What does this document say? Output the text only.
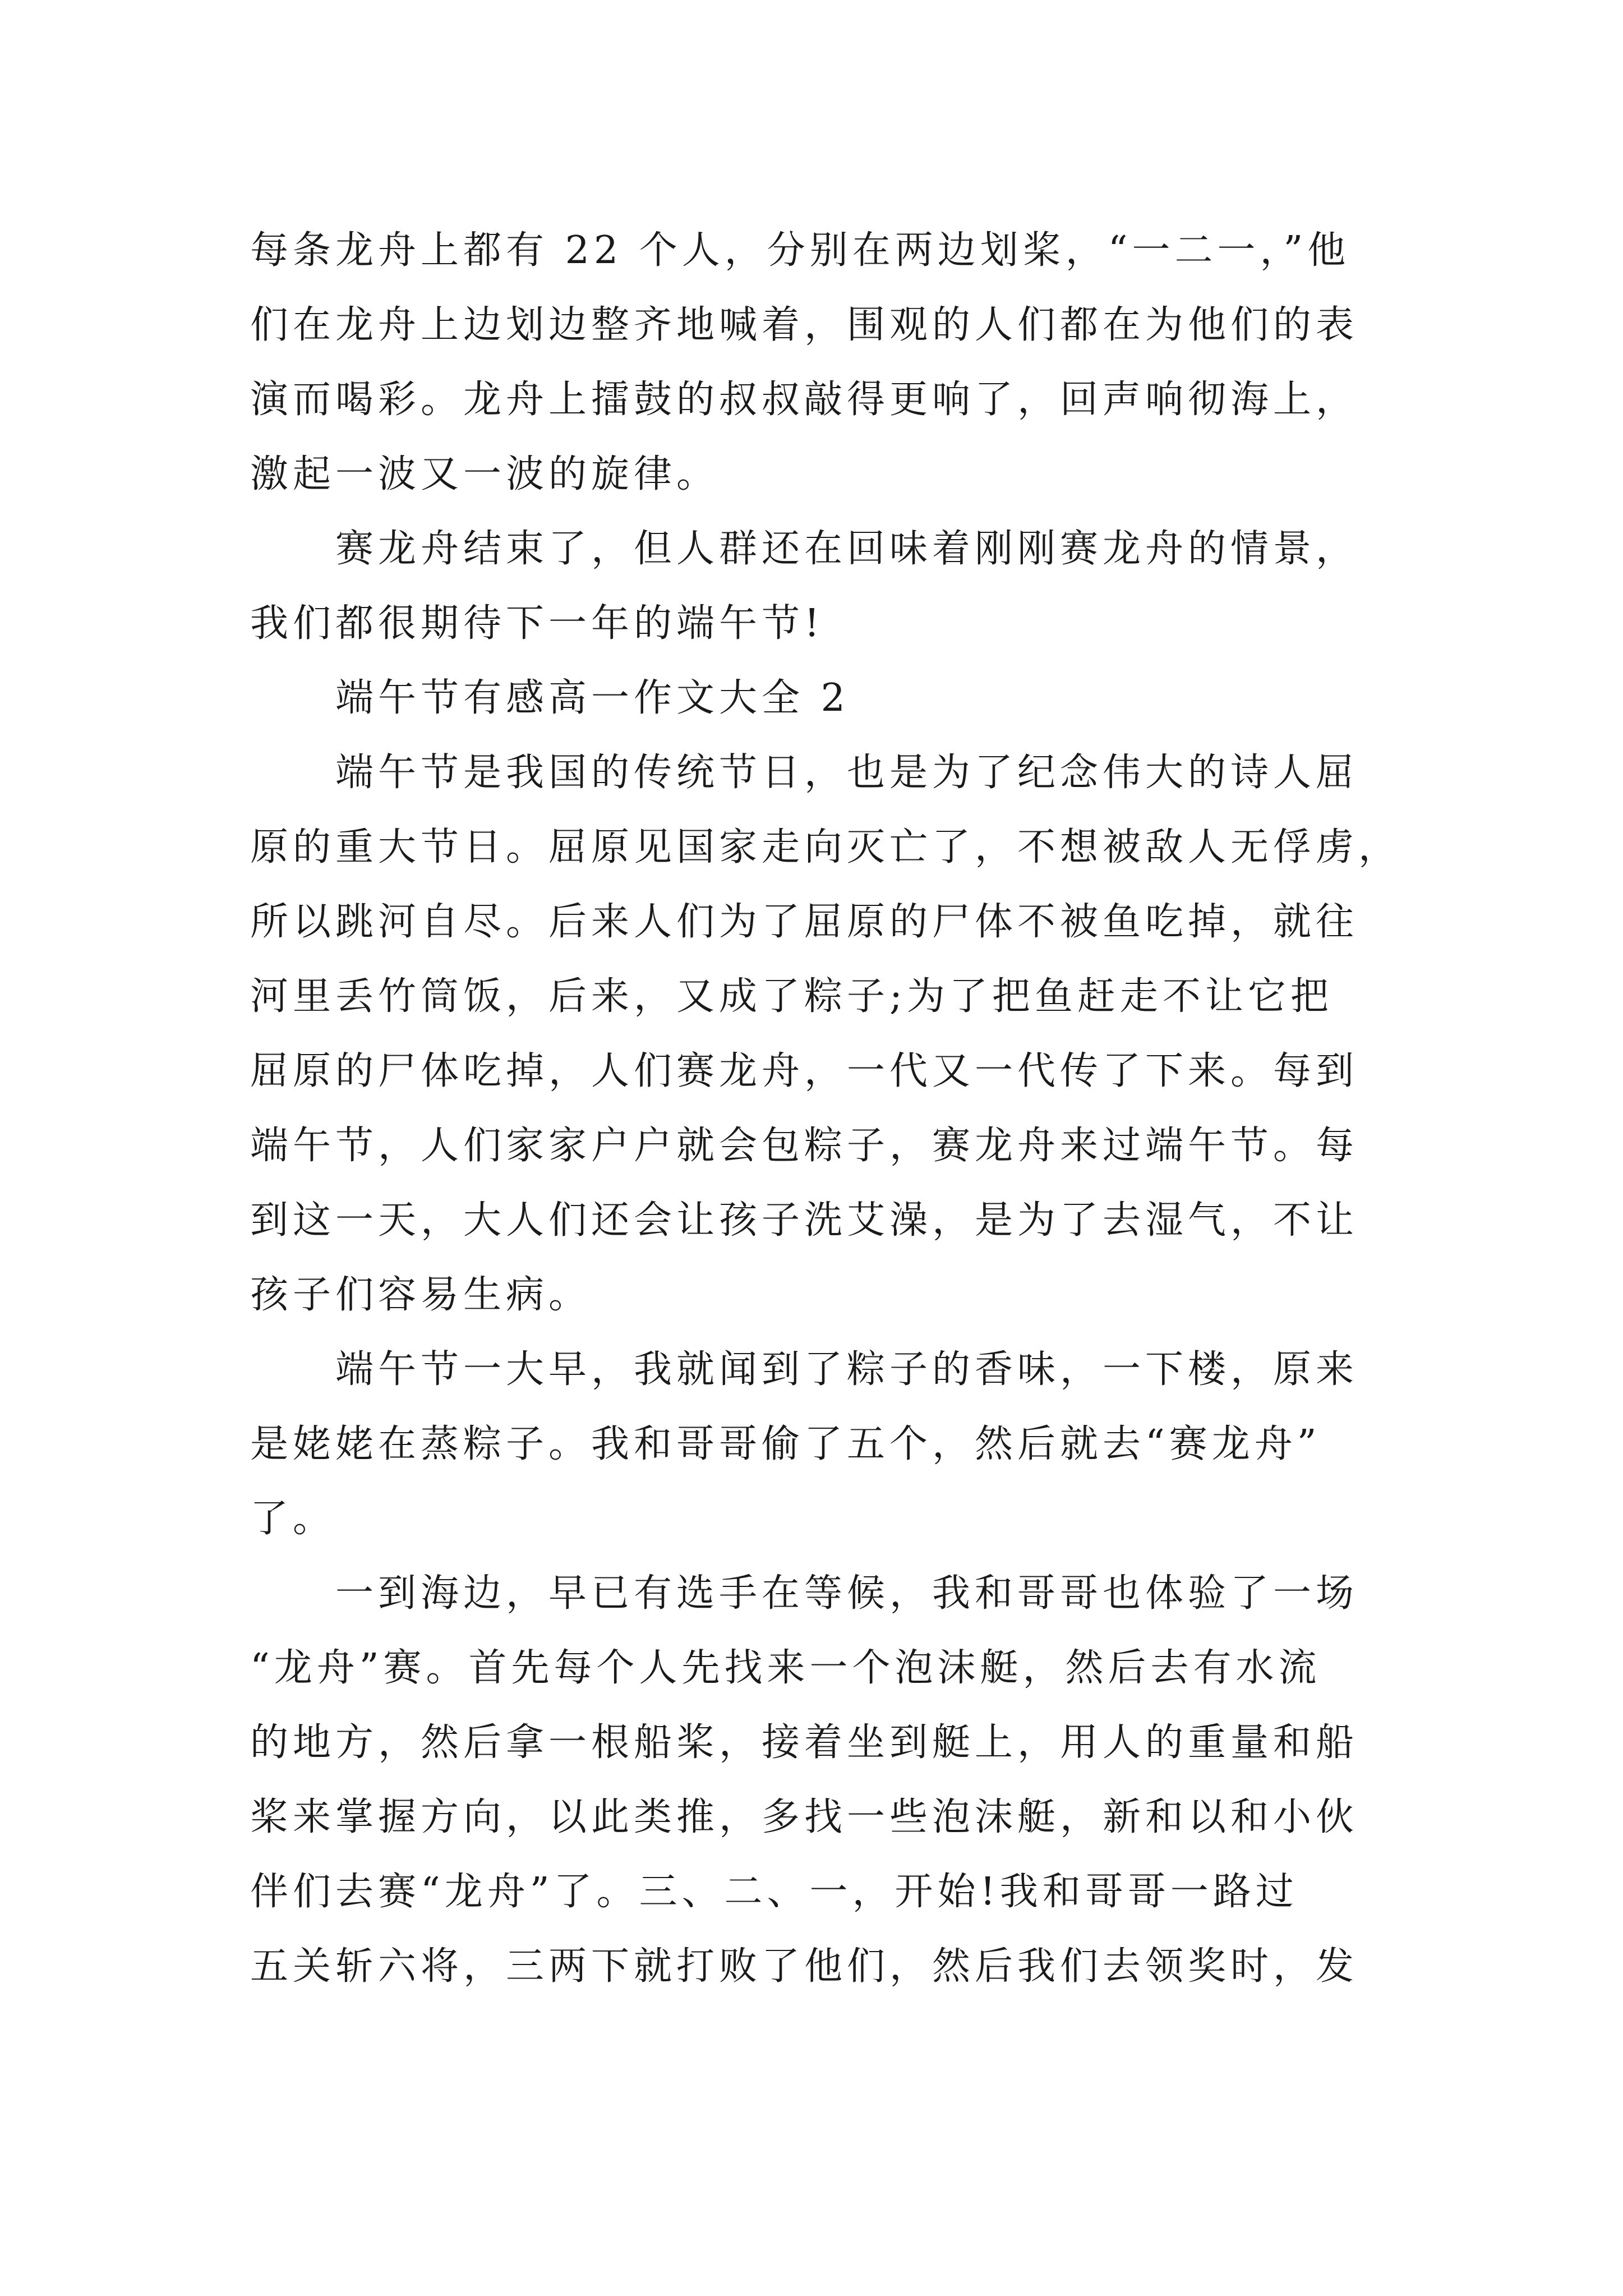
每条龙舟上都有 22 个人，分别在两边划桨，“一二一，”他
们在龙舟上边划边整齐地喊着，围观的人们都在为他们的表
演而喝彩。龙舟上擂鼓的叔叔敲得更响了，回声响彻海上，
激起一波又一波的旋律。
赛龙舟结束了，但人群还在回味着刚刚赛龙舟的情景，
我们都很期待下一年的端午节!
端午节有感高一作文大全 2
端午节是我国的传统节日，也是为了纪念伟大的诗人屈
原的重大节日。屈原见国家走向灭亡了，不想被敌人无俘虏，
所以跳河自尽。后来人们为了屈原的尸体不被鱼吃掉，就往
河里丢竹筒饭，后来，又成了粽子;为了把鱼赶走不让它把
屈原的尸体吃掉，人们赛龙舟，一代又一代传了下来。每到
端午节，人们家家户户就会包粽子，赛龙舟来过端午节。每
到这一天，大人们还会让孩子洗艾澡，是为了去湿气，不让
孩子们容易生病。
端午节一大早，我就闻到了粽子的香味，一下楼，原来
是姥姥在蒸粽子。我和哥哥偷了五个，然后就去“赛龙舟”
了。
一到海边，早已有选手在等候，我和哥哥也体验了一场
“龙舟”赛。首先每个人先找来一个泡沫艇，然后去有水流
的地方，然后拿一根船桨，接着坐到艇上，用人的重量和船
桨来掌握方向，以此类推，多找一些泡沫艇，新和以和小伙
伴们去赛“龙舟”了。三、二、一，开始!我和哥哥一路过
五关斩六将，三两下就打败了他们，然后我们去领奖时，发
